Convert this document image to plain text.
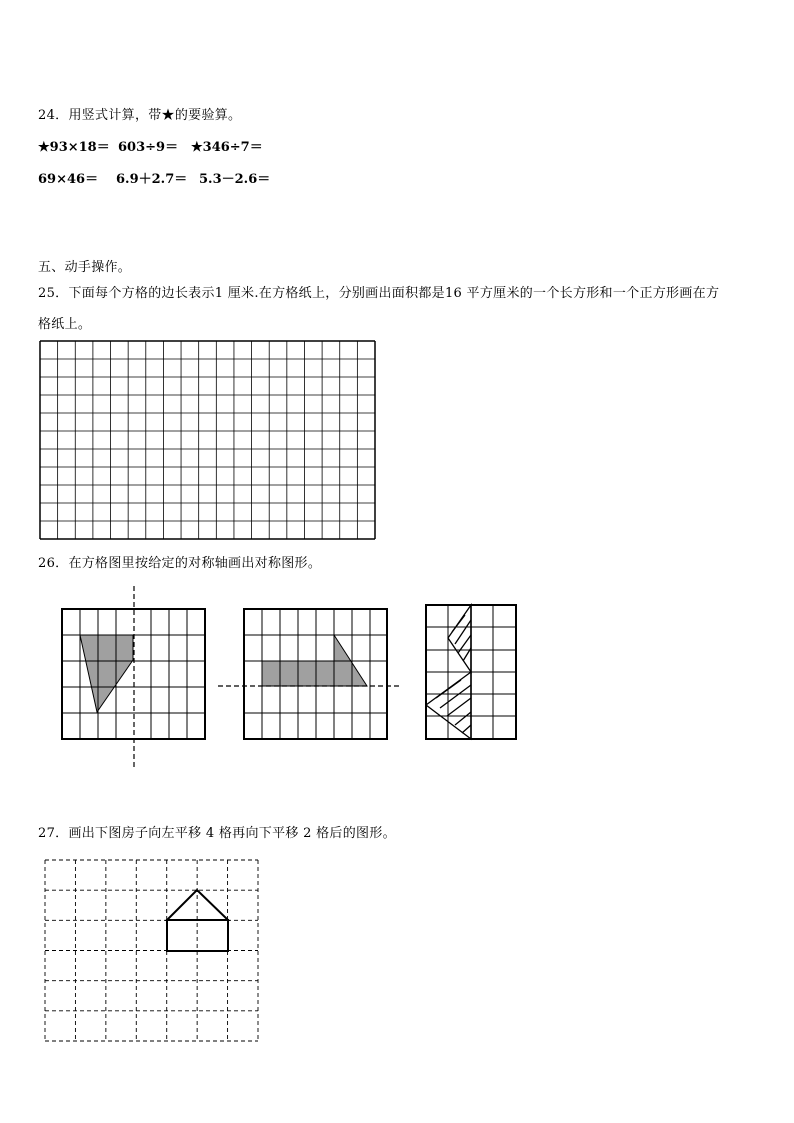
24．用竖式计算，带★的要验算。
★93×18＝ 603÷9＝ ★346÷7＝
69×46＝ 6.9＋2.7＝ 5.3－2.6＝
五、动手操作。
25．下面每个方格的边长表示1 厘米.在方格纸上，分别画出面积都是16 平方厘米的一个长方形和一个正方形画在方
格纸上。
26．在方格图里按给定的对称轴画出对称图形。
27．画出下图房子向左平移 4 格再向下平移 2 格后的图形。
